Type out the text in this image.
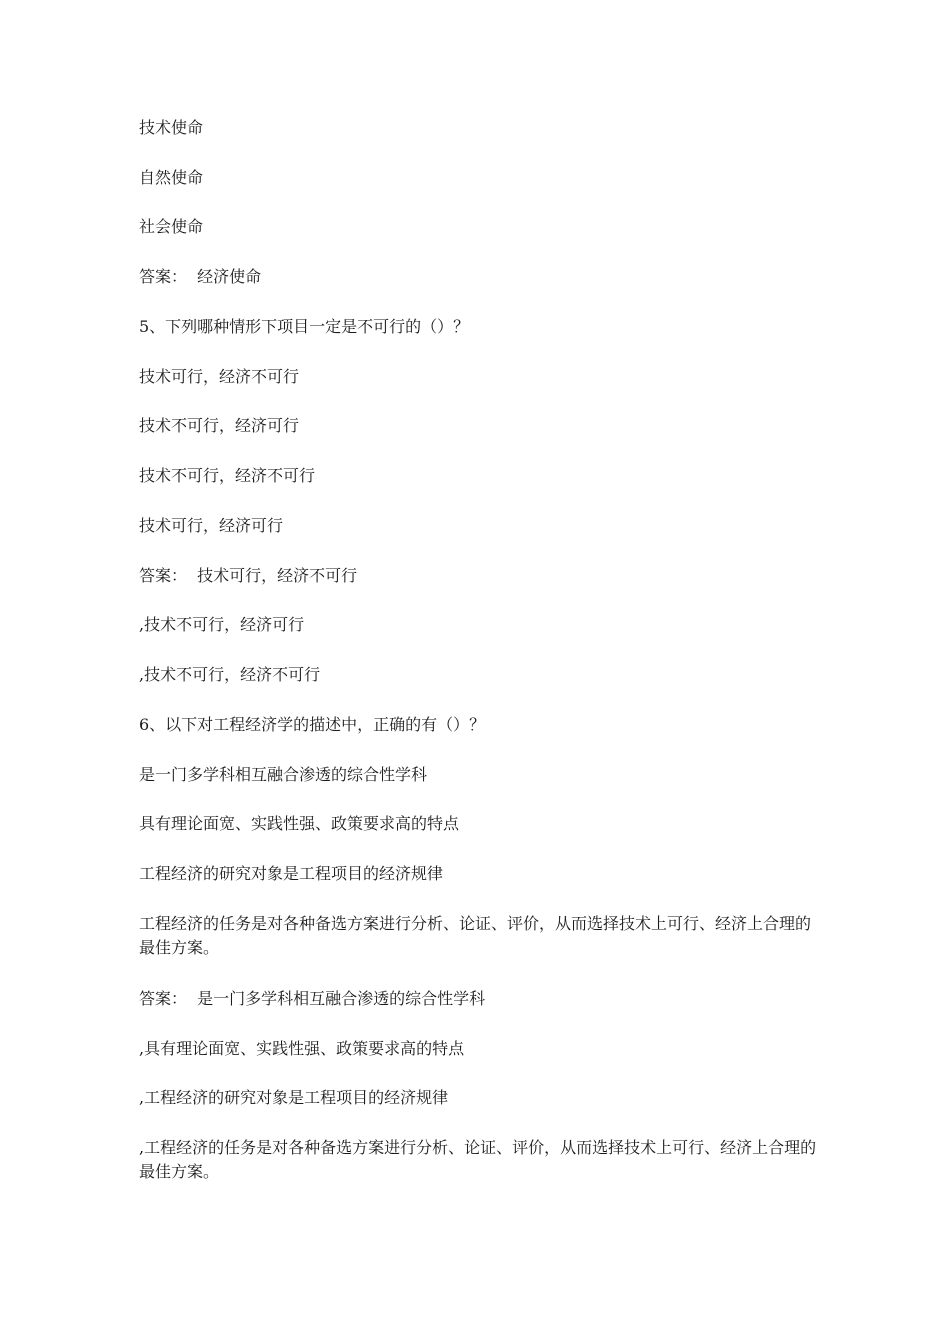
技术使命

自然使命

社会使命

答案：  经济使命

5、下列哪种情形下项目一定是不可行的（）？

技术可行，经济不可行

技术不可行，经济可行

技术不可行，经济不可行

技术可行，经济可行

答案：  技术可行，经济不可行

,技术不可行，经济可行

,技术不可行，经济不可行

6、以下对工程经济学的描述中，正确的有（）？

是一门多学科相互融合渗透的综合性学科

具有理论面宽、实践性强、政策要求高的特点

工程经济的研究对象是工程项目的经济规律

工程经济的任务是对各种备选方案进行分析、论证、评价，从而选择技术上可行、经济上合理的最佳方案。

答案：  是一门多学科相互融合渗透的综合性学科

,具有理论面宽、实践性强、政策要求高的特点

,工程经济的研究对象是工程项目的经济规律

,工程经济的任务是对各种备选方案进行分析、论证、评价，从而选择技术上可行、经济上合理的最佳方案。
